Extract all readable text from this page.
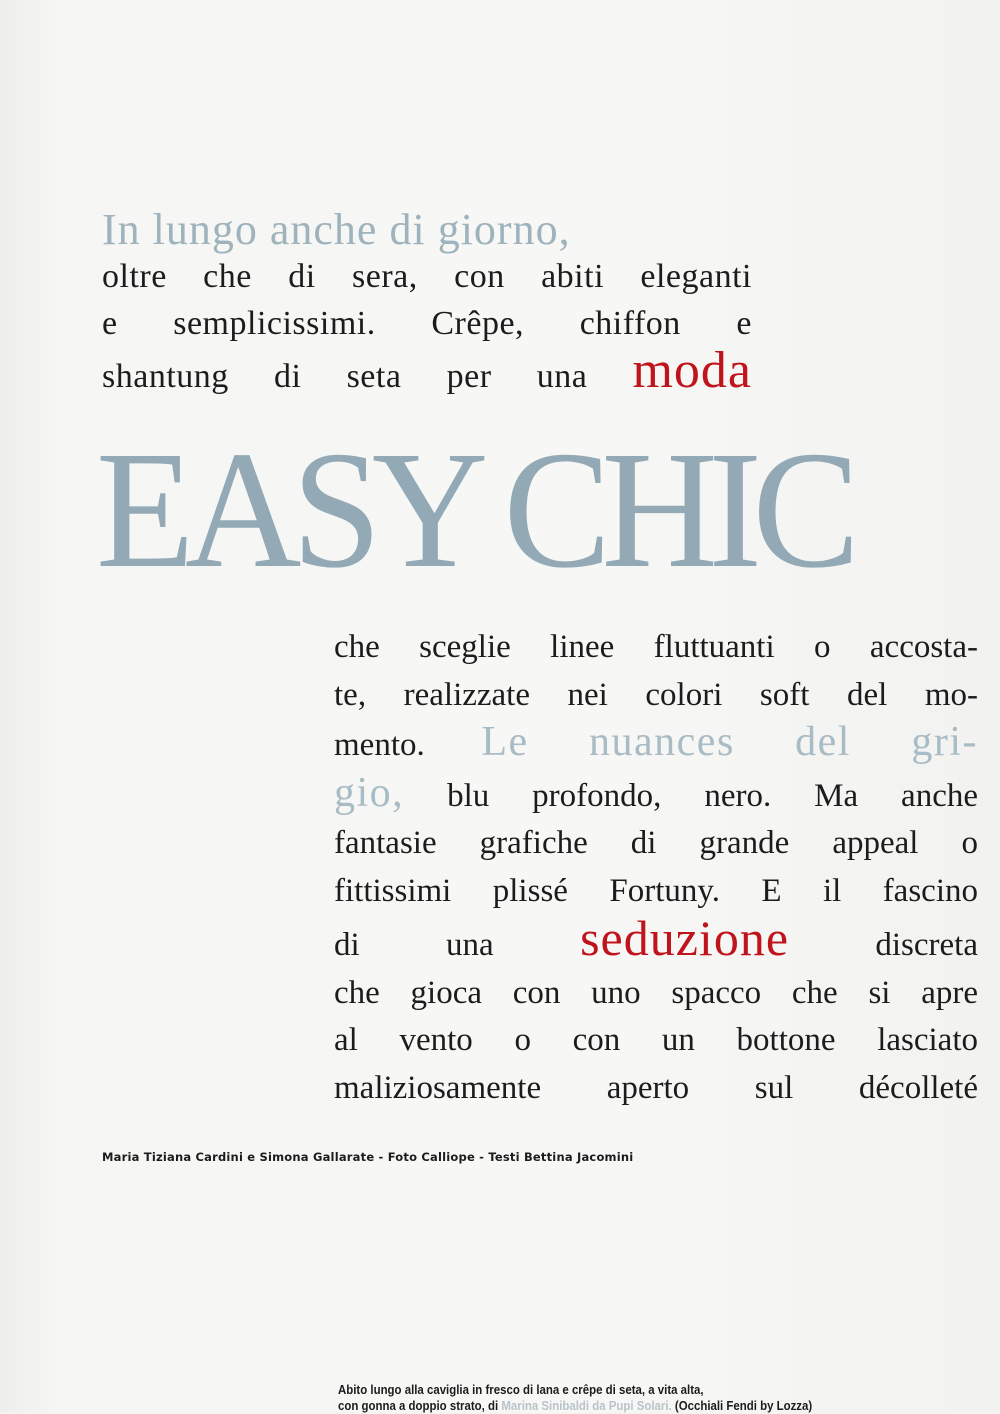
In lungo anche di giorno,
oltre che di sera, con abiti eleganti
e semplicissimi. Crêpe, chiffon e
shantung di seta per una moda
EASY CHIC
che sceglie linee fluttuanti o accosta-
te, realizzate nei colori soft del mo-
mento. Le nuances del gri-
gio, blu profondo, nero. Ma anche
fantasie grafiche di grande appeal o
fittissimi plissé Fortuny. E il fascino
di una seduzione	discreta
che gioca con uno spacco che si apre
al vento o con un bottone lasciato
maliziosamente aperto sul décolleté
Maria Tiziana Cardini e Simona Gallarate - Foto Calliope - Testi Bettina Jacomini
Abito lungo alla caviglia in fresco di lana e crêpe di seta, a vita alta,
con gonna a doppio strato, di Marina Sinibaldi da Pupi Solari. (Occhiali Fendi by Lozza)
